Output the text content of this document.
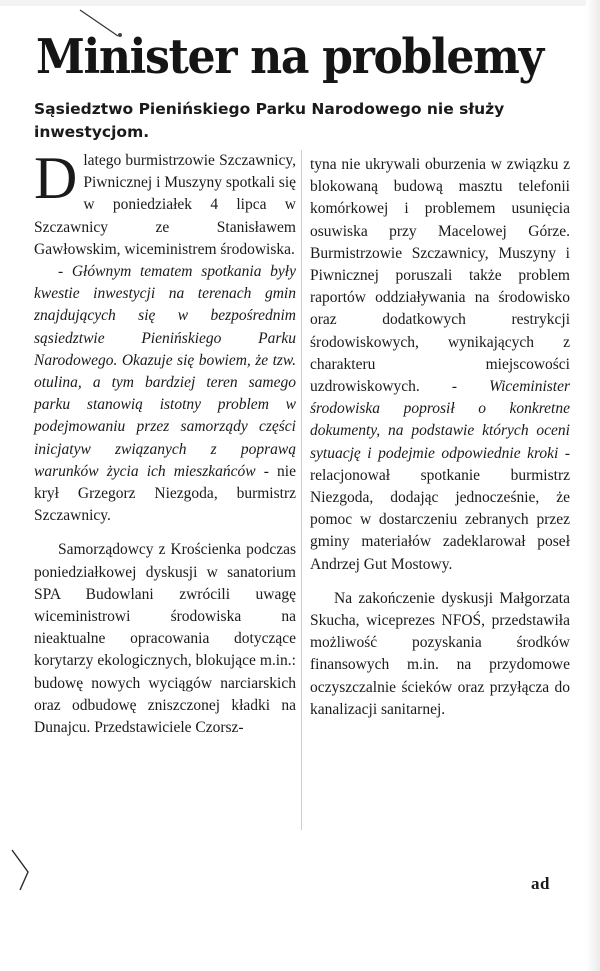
Minister na problemy
Sąsiedztwo Pienińskiego Parku Narodowego nie służy inwestycjom.

Dlatego burmistrzowie Szczawnicy, Piwnicznej i Muszyny spotkali się w poniedziałek 4 lipca w Szczawnicy ze Stanisławem Gawłowskim, wiceministrem środowiska.

- Głównym tematem spotkania były kwestie inwestycji na terenach gmin znajdujących się w bezpośrednim sąsiedztwie Pienińskiego Parku Narodowego. Okazuje się bowiem, że tzw. otulina, a tym bardziej teren samego parku stanowią istotny problem w podejmowaniu przez samorządy części inicjatyw związanych z poprawą warunków życia ich mieszkańców - nie krył Grzegorz Niezgoda, burmistrz Szczawnicy.

Samorządowcy z Krościenka podczas poniedziałkowej dyskusji w sanatorium SPA Budowlani zwrócili uwagę wiceministrowi środowiska na nieaktualne opracowania dotyczące korytarzy ekologicznych, blokujące m.in.: budowę nowych wyciągów narciarskich oraz odbudowę zniszczonej kładki na Dunajcu. Przedstawiciele Czorsz-

tyna nie ukrywali oburzenia w związku z blokowaną budową masztu telefonii komórkowej i problemem usunięcia osuwiska przy Macelowej Górze. Burmistrzowie Szczawnicy, Muszyny i Piwnicznej poruszali także problem raportów oddziaływania na środowisko oraz dodatkowych restrykcji środowiskowych, wynikających z charakteru miejscowości uzdrowiskowych. - Wiceminister środowiska poprosił o konkretne dokumenty, na podstawie których oceni sytuację i podejmie odpowiednie kroki - relacjonował spotkanie burmistrz Niezgoda, dodając jednocześnie, że pomoc w dostarczeniu zebranych przez gminy materiałów zadeklarował poseł Andrzej Gut Mostowy.

Na zakończenie dyskusji Małgorzata Skucha, wiceprezes NFOŚ, przedstawiła możliwość pozyskania środków finansowych m.in. na przydomowe oczyszczalnie ścieków oraz przyłącza do kanalizacji sanitarnej.

ad
